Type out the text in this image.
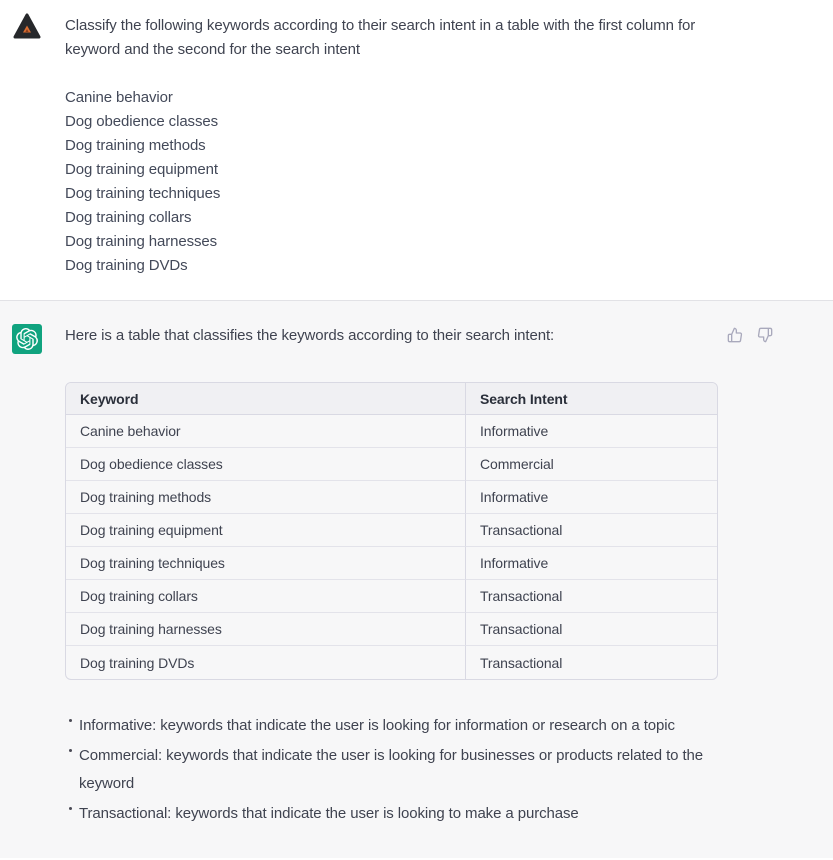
Classify the following keywords according to their search intent in a table with the first column for keyword and the second for the search intent

Canine behavior
Dog obedience classes
Dog training methods
Dog training equipment
Dog training techniques
Dog training collars
Dog training harnesses
Dog training DVDs

Here is a table that classifies the keywords according to their search intent:

Keyword	Search Intent
Canine behavior	Informative
Dog obedience classes	Commercial
Dog training methods	Informative
Dog training equipment	Transactional
Dog training techniques	Informative
Dog training collars	Transactional
Dog training harnesses	Transactional
Dog training DVDs	Transactional
Informative: keywords that indicate the user is looking for information or research on a topic
Commercial: keywords that indicate the user is looking for businesses or products related to the keyword
Transactional: keywords that indicate the user is looking to make a purchase
